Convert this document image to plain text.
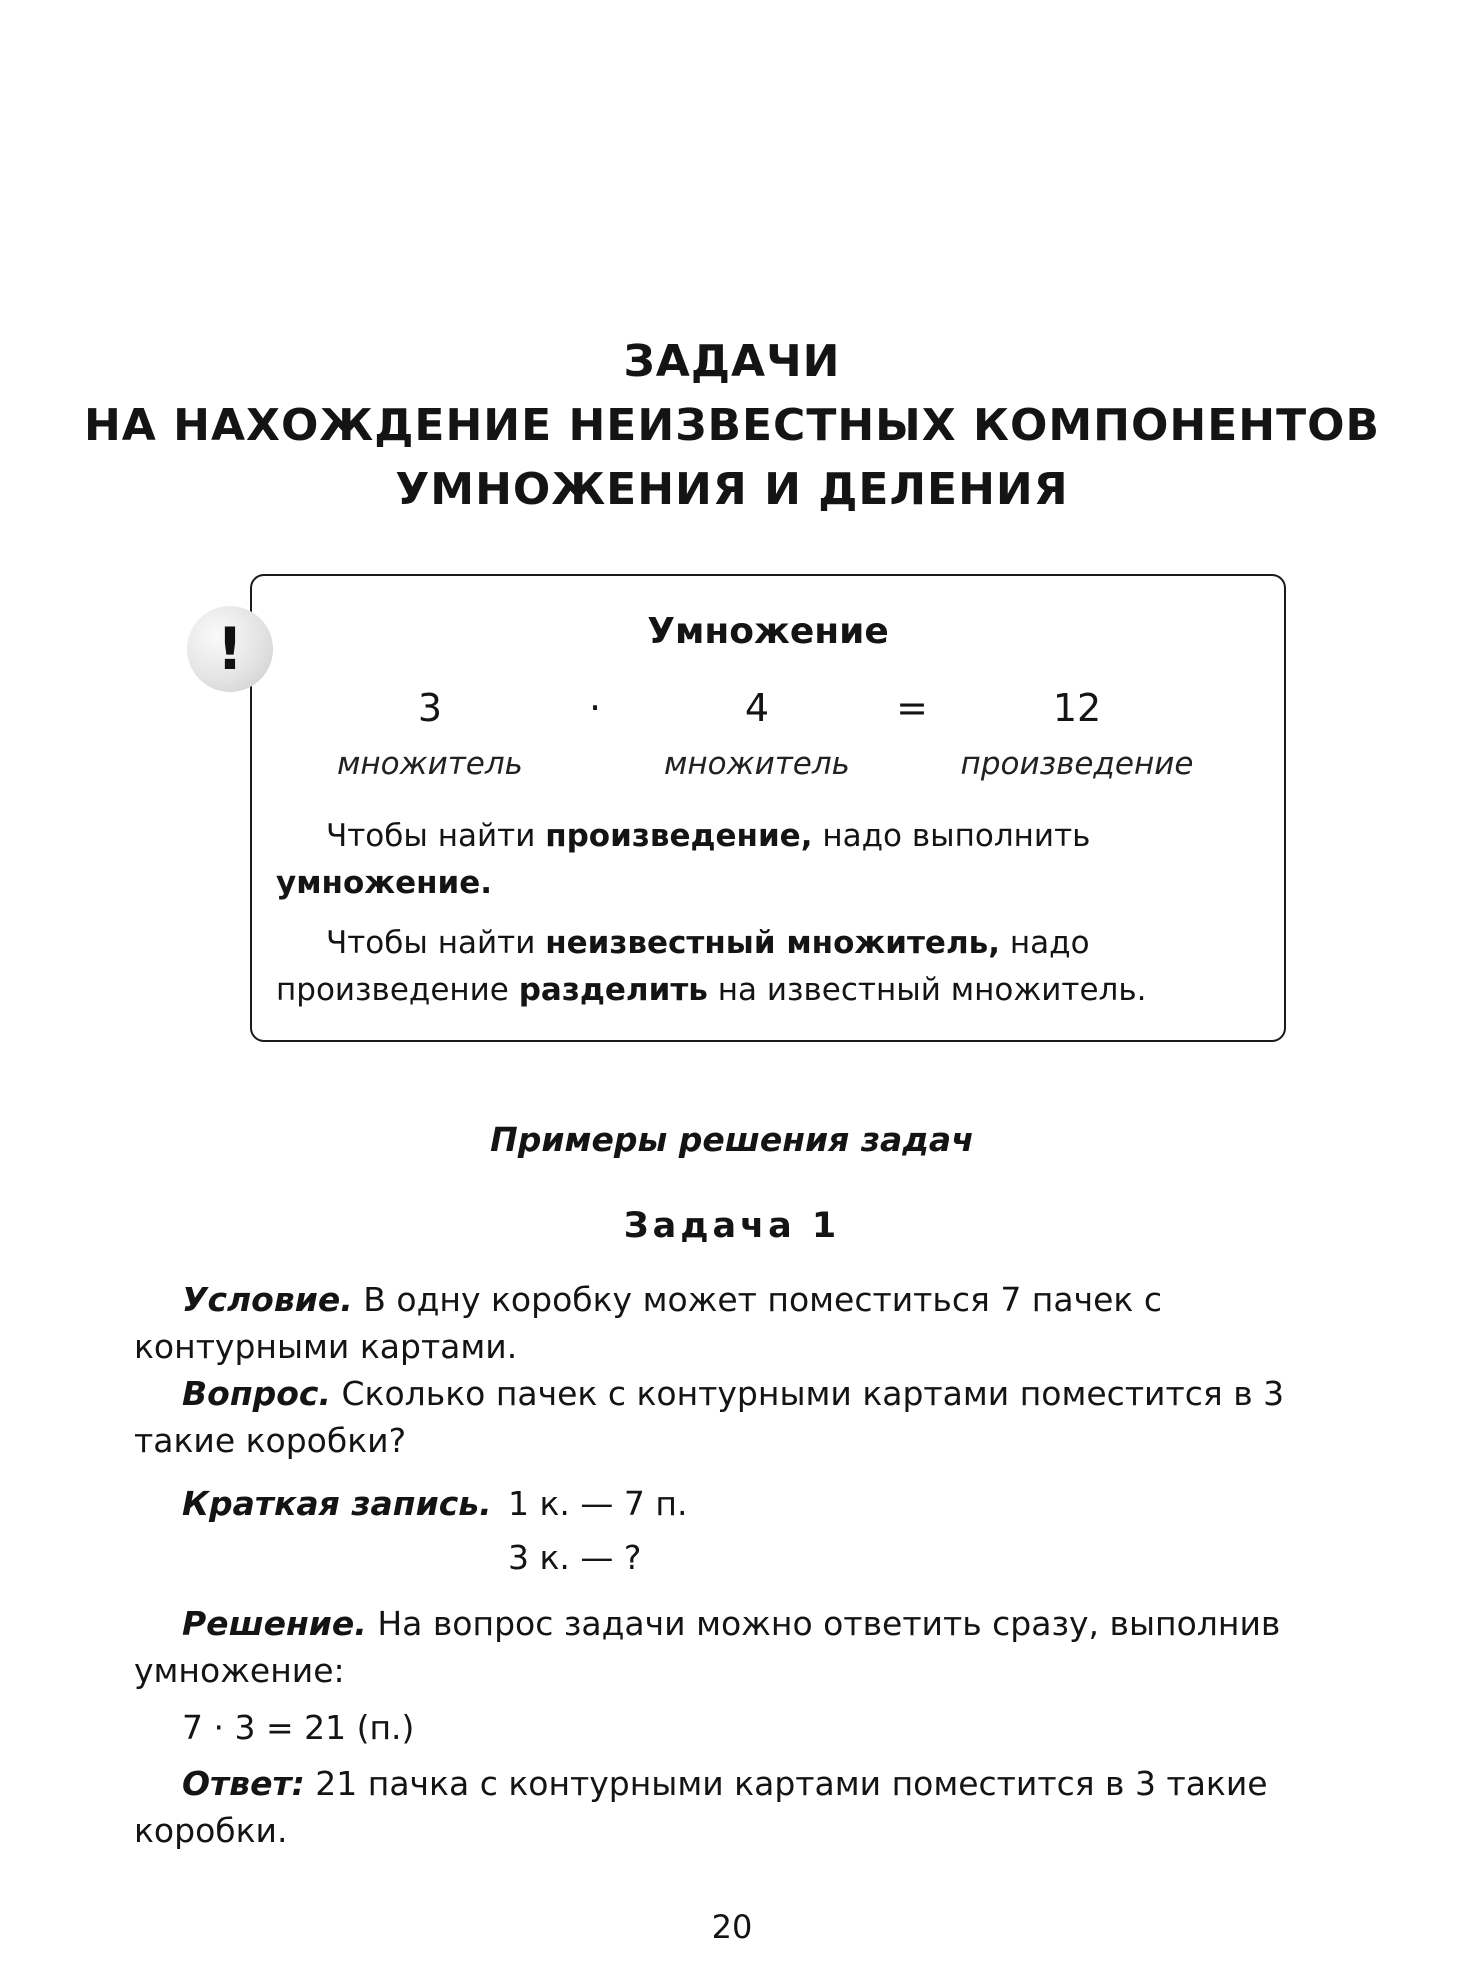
ЗАДАЧИ
НА НАХОЖДЕНИЕ НЕИЗВЕСТНЫХ КОМПОНЕНТОВ
УМНОЖЕНИЯ И ДЕЛЕНИЯ
!	Умножение
3	·	4	=	12
множитель	множитель	произведение
Чтобы найти произведение, надо выполнить умножение.
Чтобы найти неизвестный множитель, надо произведение разделить на известный множитель.
Примеры решения задач
Задача 1
Условие. В одну коробку может поместиться 7 пачек с контурными картами.
Вопрос. Сколько пачек с контурными картами поместится в 3 такие коробки?
Краткая запись. 1 к. — 7 п.
3 к. — ?
Решение. На вопрос задачи можно ответить сразу, выполнив умножение:
7 · 3 = 21 (п.)
Ответ: 21 пачка с контурными картами поместится в 3 такие коробки.
20
